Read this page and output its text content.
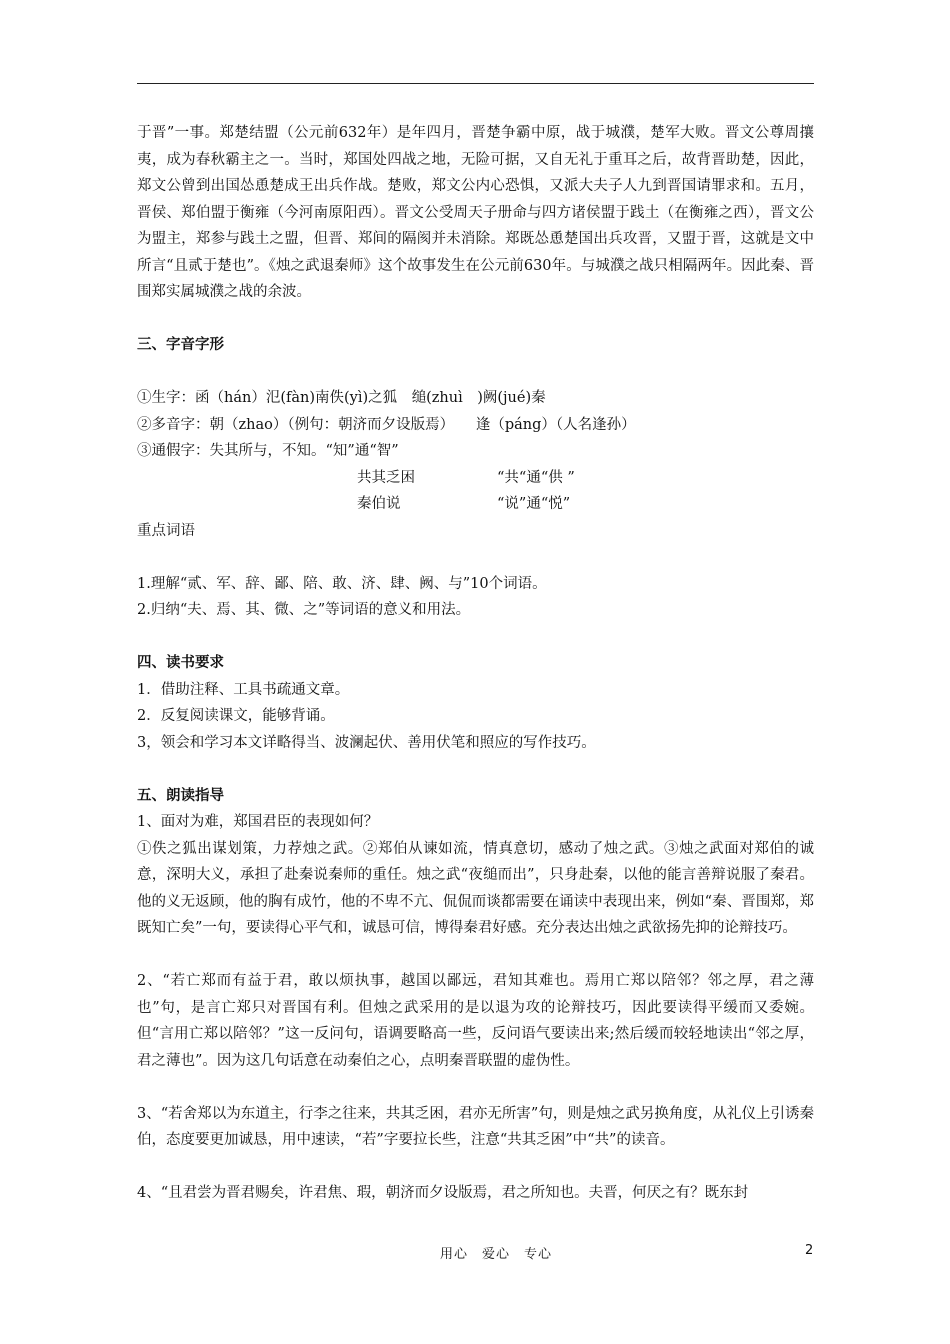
于晋”一事。郑楚结盟（公元前632年）是年四月，晋楚争霸中原，战于城濮，楚军大败。晋文公尊周攘夷，成为春秋霸主之一。当时，郑国处四战之地，无险可据，又自无礼于重耳之后，故背晋助楚，因此，郑文公曾到出国怂恿楚成王出兵作战。楚败，郑文公内心恐惧，又派大夫子人九到晋国请罪求和。五月，晋侯、郑伯盟于衡雍（今河南原阳西）。晋文公受周天子册命与四方诸侯盟于践土（在衡雍之西），晋文公为盟主，郑参与践土之盟，但晋、郑间的隔阂并未消除。郑既怂恿楚国出兵攻晋，又盟于晋，这就是文中所言“且贰于楚也”。《烛之武退秦师》这个故事发生在公元前630年。与城濮之战只相隔两年。因此秦、晋围郑实属城濮之战的余波。

三、字音字形

①生字：函（hán）氾(fàn)南佚(yì)之狐　缒(zhuì　)阙(jué)秦

②多音字：朝（zhao）（例句：朝济而夕设版焉）　　逢（páng）（人名逢孙）

③通假字：失其所与，不知。“知”通“智”

共其乏困	“共“通“供 ”
秦伯说	“说”通“悦”

重点词语

1.理解“贰、军、辞、鄙、陪、敢、济、肆、阙、与”10个词语。

2.归纳“夫、焉、其、微、之”等词语的意义和用法。

四、读书要求

1．借助注释、工具书疏通文章。

2．反复阅读课文，能够背诵。

3，领会和学习本文详略得当、波澜起伏、善用伏笔和照应的写作技巧。

五、朗读指导

1、面对为难，郑国君臣的表现如何？

①佚之狐出谋划策，力荐烛之武。②郑伯从谏如流，情真意切，感动了烛之武。③烛之武面对郑伯的诚意，深明大义，承担了赴秦说秦师的重任。烛之武“夜缒而出”，只身赴秦，以他的能言善辩说服了秦君。他的义无返顾，他的胸有成竹，他的不卑不亢、侃侃而谈都需要在诵读中表现出来，例如“秦、晋围郑，郑既知亡矣”一句，要读得心平气和，诚恳可信，博得秦君好感。充分表达出烛之武欲扬先抑的论辩技巧。

2、“若亡郑而有益于君，敢以烦执事，越国以鄙远，君知其难也。焉用亡郑以陪邻？邻之厚，君之薄也”句，是言亡郑只对晋国有利。但烛之武采用的是以退为攻的论辩技巧，因此要读得平缓而又委婉。但“言用亡郑以陪邻？”这一反问句，语调要略高一些，反问语气要读出来;然后缓而较轻地读出“邻之厚，君之薄也”。因为这几句话意在动秦伯之心，点明秦晋联盟的虚伪性。

3、“若舍郑以为东道主，行李之往来，共其乏困，君亦无所害”句，则是烛之武另换角度，从礼仪上引诱秦伯，态度要更加诚恳，用中速读，“若”字要拉长些，注意“共其乏困”中“共”的读音。

4、“且君尝为晋君赐矣，许君焦、瑕，朝济而夕设版焉，君之所知也。夫晋，何厌之有？既东封

用心　爱心　专心	2
